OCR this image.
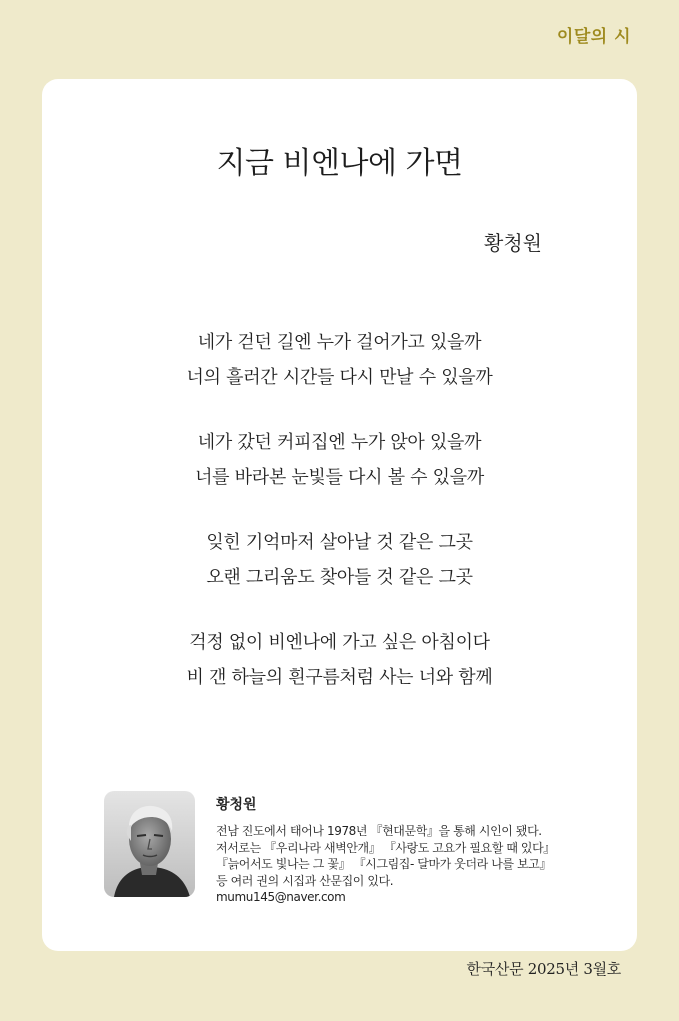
이달의 시
지금 비엔나에 가면
황청원
네가 걷던 길엔 누가 걸어가고 있을까
너의 흘러간 시간들 다시 만날 수 있을까
네가 갔던 커피집엔 누가 앉아 있을까
너를 바라본 눈빛들 다시 볼 수 있을까
잊힌 기억마저 살아날 것 같은 그곳
오랜 그리움도 찾아들 것 같은 그곳
걱정 없이 비엔나에 가고 싶은 아침이다
비 갠 하늘의 흰구름처럼 사는 너와 함께
황청원
전남 진도에서 태어나 1978년 『현대문학』을 통해 시인이 됐다.
저서로는 『우리나라 새벽안개』 『사랑도 고요가 필요할 때 있다』
『늙어서도 빛나는 그 꽃』 『시그림집- 달마가 웃더라 나를 보고』
등 여러 권의 시집과 산문집이 있다.
mumu145@naver.com
한국산문 2025년 3월호
